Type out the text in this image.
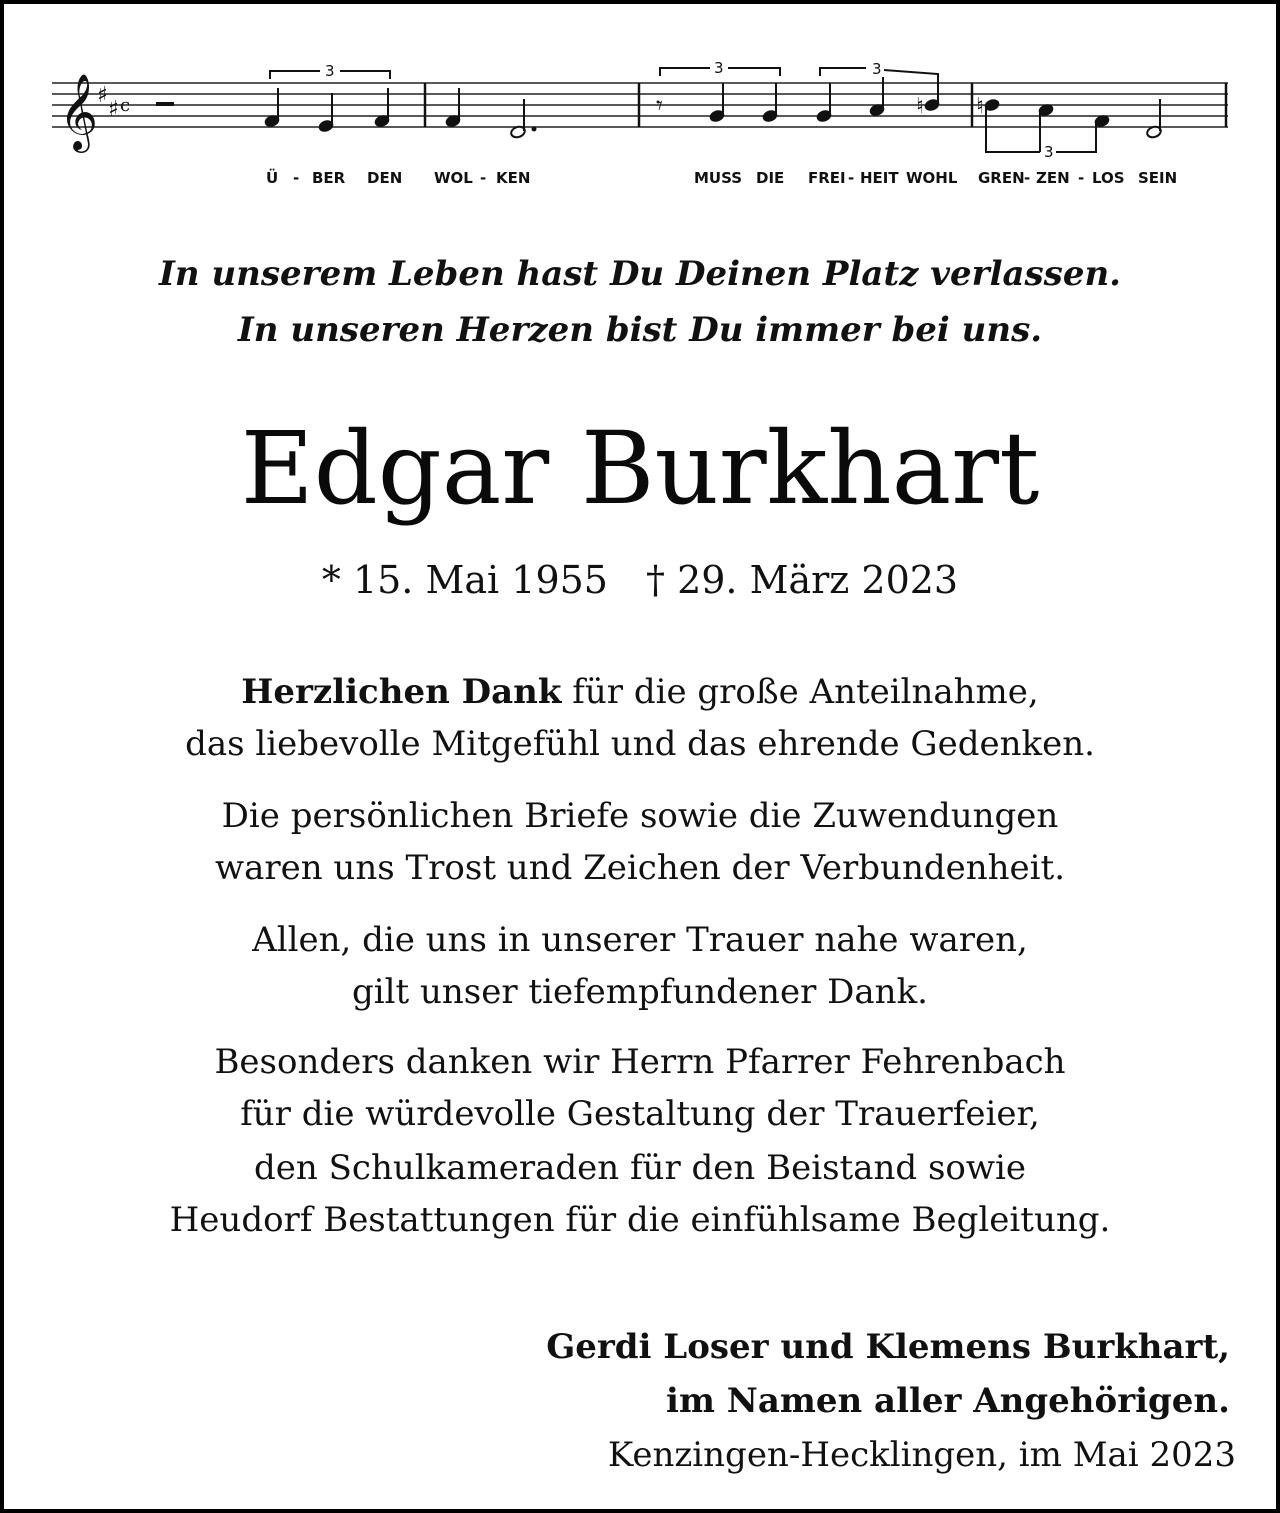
𝄞
♯
♯ c	𝄾	♮ ♮
3	3	3
3
Ü - BER DEN WOL - KEN	MUSS DIE FREI - HEIT WOHL GREN - ZEN - LOS SEIN
In unserem Leben hast Du Deinen Platz verlassen.
In unseren Herzen bist Du immer bei uns.
Edgar Burkhart
* 15. Mai 1955 † 29. März 2023
Herzlichen Dank für die große Anteilnahme,
das liebevolle Mitgefühl und das ehrende Gedenken.
Die persönlichen Briefe sowie die Zuwendungen
waren uns Trost und Zeichen der Verbundenheit.
Allen, die uns in unserer Trauer nahe waren,
gilt unser tiefempfundener Dank.
Besonders danken wir Herrn Pfarrer Fehrenbach
für die würdevolle Gestaltung der Trauerfeier,
den Schulkameraden für den Beistand sowie
Heudorf Bestattungen für die einfühlsame Begleitung.
Gerdi Loser und Klemens Burkhart,
im Namen aller Angehörigen.
Kenzingen-Hecklingen, im Mai 2023
